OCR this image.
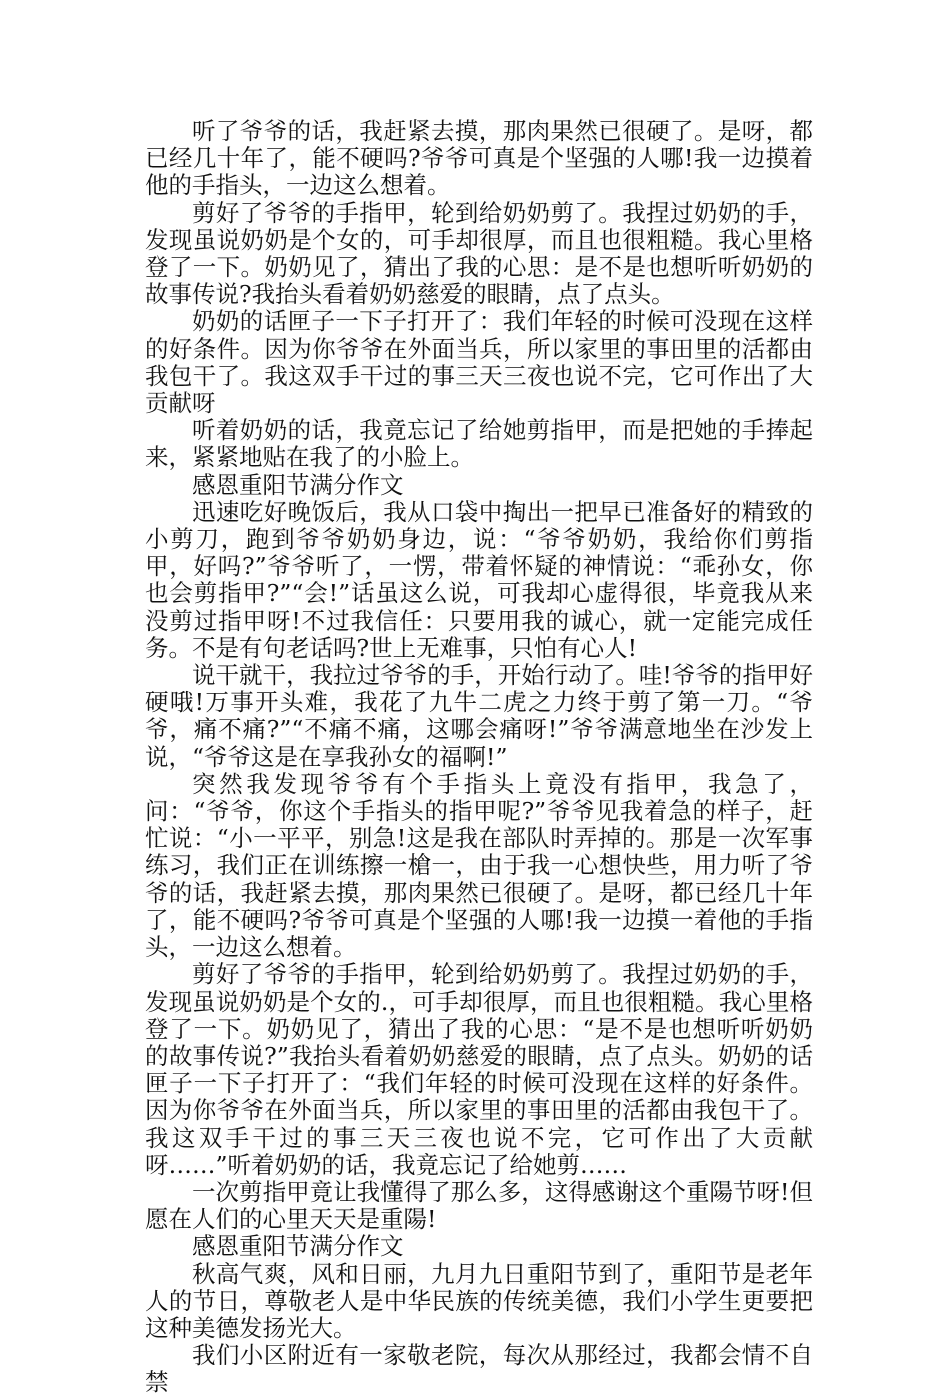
听了爷爷的话，我赶紧去摸，那肉果然已很硬了。是呀，都已经几十年了，能不硬吗?爷爷可真是个坚强的人哪!我一边摸着他的手指头，一边这么想着。

剪好了爷爷的手指甲，轮到给奶奶剪了。我捏过奶奶的手，发现虽说奶奶是个女的，可手却很厚，而且也很粗糙。我心里格登了一下。奶奶见了，猜出了我的心思：是不是也想听听奶奶的故事传说?我抬头看着奶奶慈爱的眼睛，点了点头。

奶奶的话匣子一下子打开了：我们年轻的时候可没现在这样的好条件。因为你爷爷在外面当兵，所以家里的事田里的活都由我包干了。我这双手干过的事三天三夜也说不完，它可作出了大贡献呀

听着奶奶的话，我竟忘记了给她剪指甲，而是把她的手捧起来，紧紧地贴在我了的小脸上。

感恩重阳节满分作文

迅速吃好晚饭后，我从口袋中掏出一把早已准备好的精致的小剪刀，跑到爷爷奶奶身边，说：“爷爷奶奶，我给你们剪指甲，好吗?”爷爷听了，一愣，带着怀疑的神情说：“乖孙女，你也会剪指甲?”“会!”话虽这么说，可我却心虚得很，毕竟我从来没剪过指甲呀!不过我信任：只要用我的诚心，就一定能完成任务。不是有句老话吗?世上无难事，只怕有心人!

说干就干，我拉过爷爷的手，开始行动了。哇!爷爷的指甲好硬哦!万事开头难，我花了九牛二虎之力终于剪了第一刀。“爷爷，痛不痛?”“不痛不痛，这哪会痛呀!”爷爷满意地坐在沙发上说，“爷爷这是在享我孙女的福啊!”

突然我发现爷爷有个手指头上竟没有指甲，我急了，问：“爷爷，你这个手指头的指甲呢?”爷爷见我着急的样子，赶忙说：“小一平平，别急!这是我在部队时弄掉的。那是一次军事练习，我们正在训练擦一槍一，由于我一心想快些，用力听了爷爷的话，我赶紧去摸，那肉果然已很硬了。是呀，都已经几十年了，能不硬吗?爷爷可真是个坚强的人哪!我一边摸一着他的手指头，一边这么想着。

剪好了爷爷的手指甲，轮到给奶奶剪了。我捏过奶奶的手，发现虽说奶奶是个女的.，可手却很厚，而且也很粗糙。我心里格登了一下。奶奶见了，猜出了我的心思：“是不是也想听听奶奶的故事传说?”我抬头看着奶奶慈爱的眼睛，点了点头。奶奶的话匣子一下子打开了：“我们年轻的时候可没现在这样的好条件。因为你爷爷在外面当兵，所以家里的事田里的活都由我包干了。我这双手干过的事三天三夜也说不完，它可作出了大贡献呀……”听着奶奶的话，我竟忘记了给她剪……

一次剪指甲竟让我懂得了那么多，这得感谢这个重陽节呀!但愿在人们的心里天天是重陽!

感恩重阳节满分作文

秋高气爽，风和日丽，九月九日重阳节到了，重阳节是老年人的节日，尊敬老人是中华民族的传统美德，我们小学生更要把这种美德发扬光大。

我们小区附近有一家敬老院，每次从那经过，我都会情不自禁
